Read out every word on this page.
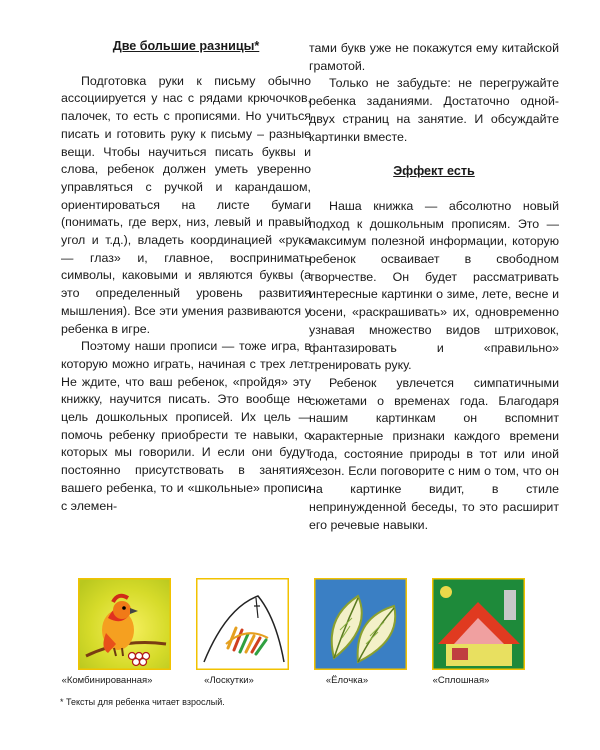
Две большие разницы*

Подготовка руки к письму обычно ассоциируется у нас с рядами крючочков, палочек, то есть с прописями. Но учиться писать и готовить руку к письму – разные вещи. Чтобы научиться писать буквы и слова, ребенок должен уметь уверенно управляться с ручкой и карандашом, ориентироваться на листе бумаги (понимать, где верх, низ, левый и правый угол и т.д.), владеть координацией «рука — глаз» и, главное, воспринимать символы, каковыми и являются буквы (а это определенный уровень развития мышления). Все эти умения развиваются у ребенка в игре.

Поэтому наши прописи — тоже игра, в которую можно играть, начиная с трех лет. Не ждите, что ваш ребенок, «пройдя» эту книжку, научится писать. Это вообще не цель дошкольных прописей. Их цель — помочь ребенку приобрести те навыки, о которых мы говорили. И если они будут постоянно присутствовать в занятиях вашего ребенка, то и «школьные» прописи с элемен-

тами букв уже не покажутся ему китайской грамотой.

Только не забудьте: не перегружайте ребенка заданиями. Достаточно одной-двух страниц на занятие. И обсуждайте картинки вместе.

Эффект есть

Наша книжка — абсолютно новый подход к дошкольным прописям. Это — максимум полезной информации, которую ребенок осваивает в свободном творчестве. Он будет рассматривать интересные картинки о зиме, лете, весне и осени, «раскрашивать» их, одновременно узнавая множество видов штриховок, фантазировать и «правильно» тренировать руку.

Ребенок увлечется симпатичными сюжетами о временах года. Благодаря нашим картинкам он вспомнит характерные признаки каждого времени года, состояние природы в тот или иной сезон. Если поговорите с ним о том, что он на картинке видит, в стиле непринужденной беседы, то это расширит его речевые навыки.

«Комбинированная»	«Лоскутки»	«Ёлочка»	«Сплошная»
* Тексты для ребенка читает взрослый.
